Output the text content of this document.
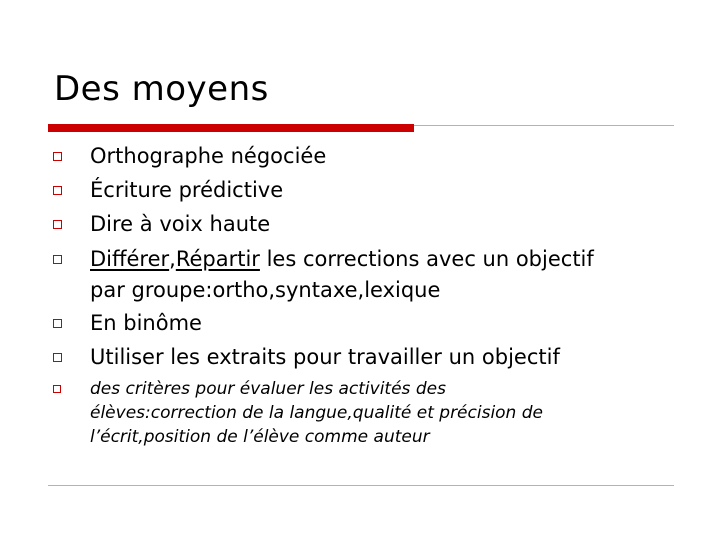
Des moyens
Orthographe négociée
Écriture prédictive
Dire à voix haute
Différer,Répartir les corrections avec un objectif
par groupe:ortho,syntaxe,lexique
En binôme
Utiliser les extraits pour travailler un objectif
des critères pour évaluer les activités des
élèves:correction de la langue,qualité et précision de
l’écrit,position de l’élève comme auteur
